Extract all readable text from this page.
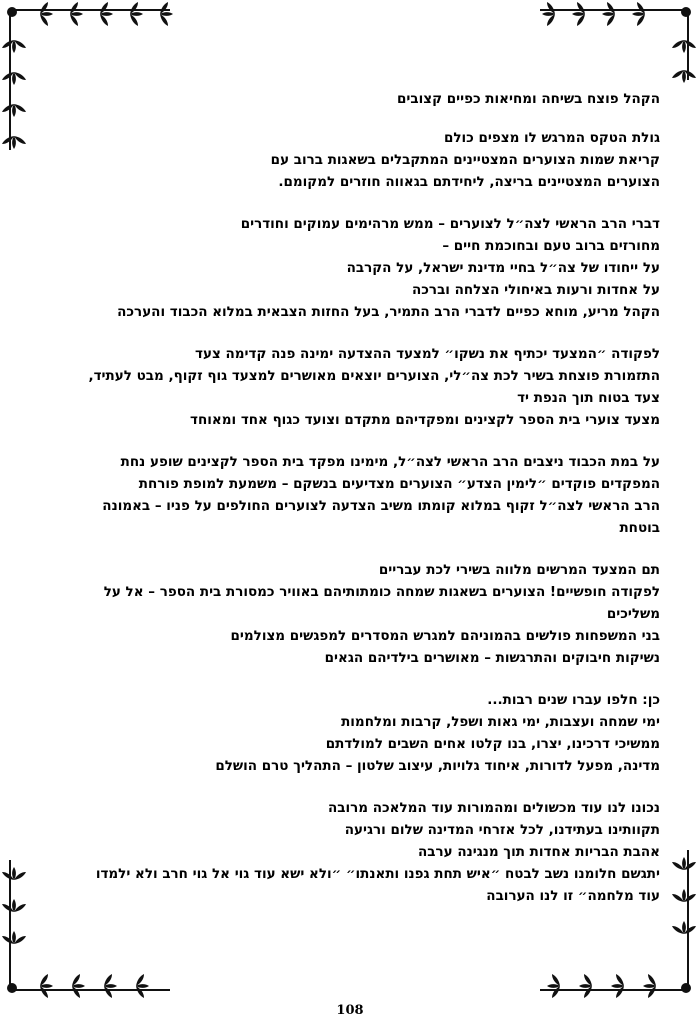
הקהל פוצח בשיחה ומחיאות כפיים קצובים
גולת הטקס המרגש לו מצפים כולם
קריאת שמות הצוערים המצטיינים המתקבלים בשאגות ברוב עם
הצוערים המצטיינים בריצה, ליחידתם בגאווה חוזרים למקומם.
דברי הרב הראשי לצה״ל לצוערים – ממש מרהימים עמוקים וחודרים
מחורזים ברוב טעם ובחוכמת חיים –
על ייחודו של צה״ל בחיי מדינת ישראל, על הקרבה
על אחדות ורעות באיחולי הצלחה וברכה
הקהל מריע, מוחא כפיים לדברי הרב התמיר, בעל החזות הצבאית במלוא הכבוד והערכה
לפקודה ״המצעד יכתיף את נשקו״ למצעד ההצדעה ימינה פנה קדימה צעד
התזמורת פוצחת בשיר לכת צה״לי, הצוערים יוצאים מאושרים למצעד גוף זקוף, מבט לעתיד,
צעד בטוח תוך הנפת יד
מצעד צוערי בית הספר לקצינים ומפקדיהם מתקדם וצועד כגוף אחד ומאוחד
על במת הכבוד ניצבים הרב הראשי לצה״ל, מימינו מפקד בית הספר לקצינים שופע נחת
המפקדים פוקדים ״לימין הצדע״ הצוערים מצדיעים בנשקם – משמעת למופת פורחת
הרב הראשי לצה״ל זקוף במלוא קומתו משיב הצדעה לצוערים החולפים על פניו – באמונה
בוטחת
תם המצעד המרשים מלווה בשירי לכת עבריים
לפקודה חופשיים! הצוערים בשאגות שמחה כומתותיהם באוויר כמסורת בית הספר – אל על
משליכים
בני המשפחות פולשים בהמוניהם למגרש המסדרים למפגשים מצולמים
נשיקות חיבוקים והתרגשות – מאושרים בילדיהם הגאים
כן: חלפו עברו שנים רבות...
ימי שמחה ועצבות, ימי גאות ושפל, קרבות ומלחמות
ממשיכי דרכינו, יצרו, בנו קלטו אחים השבים למולדתם
מדינה, מפעל לדורות, איחוד גלויות, עיצוב שלטון – התהליך טרם הושלם
נכונו לנו עוד מכשולים ומהמורות עוד המלאכה מרובה
תקוותינו בעתידנו, לכל אזרחי המדינה שלום ורגיעה
אהבת הבריות אחדות תוך מנגינה ערבה
יתגשם חלומנו נשב לבטח ״איש תחת גפנו ותאנתו״ ״ולא ישא עוד גוי אל גוי חרב ולא ילמדו
עוד מלחמה״ זו לנו הערובה
108
